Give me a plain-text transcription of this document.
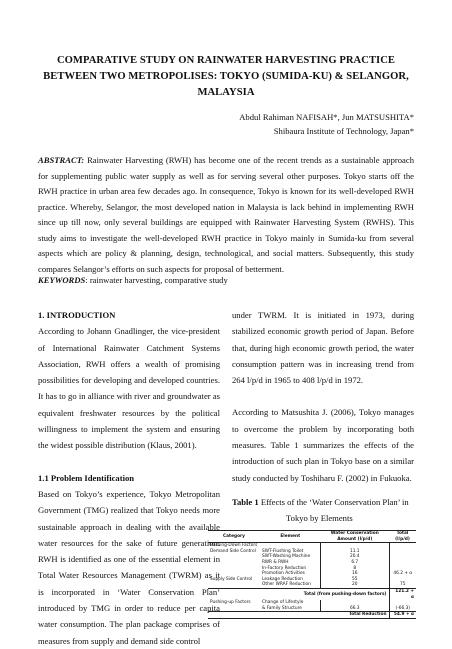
COMPARATIVE STUDY ON RAINWATER HARVESTING PRACTICE BETWEEN TWO METROPOLISES: TOKYO (SUMIDA-KU) & SELANGOR, MALAYSIA
Abdul Rahiman NAFISAH*, Jun MATSUSHITA*
Shibaura Institute of Technology, Japan*

ABSTRACT: Rainwater Harvesting (RWH) has become one of the recent trends as a sustainable approach for supplementing public water supply as well as for serving several other purposes. Tokyo starts off the RWH practice in urban area few decades ago. In consequence, Tokyo is known for its well-developed RWH practice. Whereby, Selangor, the most developed nation in Malaysia is lack behind in implementing RWH since up till now, only several buildings are equipped with Rainwater Harvesting System (RWHS). This study aims to investigate the well-developed RWH practice in Tokyo mainly in Sumida-ku from several aspects which are policy & planning, design, technological, and social matters. Subsequently, this study compares Selangor’s efforts on such aspects for proposal of betterment.

KEYWORDS: rainwater harvesting, comparative study

1. INTRODUCTION

According to Johann Gnadlinger, the vice-president of International Rainwater Catchment Systems Association, RWH offers a wealth of promising possibilities for developing and developed countries. It has to go in alliance with river and groundwater as equivalent freshwater resources by the political willingness to implement the system and ensuring the widest possible distribution (Klaus, 2001).

1.1 Problem Identification

Based on Tokyo’s experience, Tokyo Metropolitan Government (TMG) realized that Tokyo needs more sustainable approach in dealing with the available water resources for the sake of future generation. RWH is identified as one of the essential element in Total Water Resources Management (TWRM) as it is incorporated in ‘Water Conservation Plan’ introduced by TMG in order to reduce per capita water consumption. The plan package comprises of measures from supply and demand side control

under TWRM. It is initiated in 1973, during stabilized economic growth period of Japan. Before that, during high economic growth period, the water consumption pattern was in increasing trend from 264 l/p/d in 1965 to 408 l/p/d in 1972.

According to Matsushita J. (2006), Tokyo manages to overcome the problem by incorporating both measures. Table 1 summarizes the effects of the introduction of such plan in Tokyo base on a similar study conducted by Toshiharu F. (2002) in Fukuoka.

Table 1 Effects of the ‘Water Conservation Plan’ in
Tokyo by Elements

Category	Element	Water Conservation Amount (l/p/d)	Total (l/p/d)
Pushing-Down Factors			
Demand Side Control	SWT-Flushing Toilet	11.1	
	SWT-Washing Machine	20.4	
	RWR & RWH	6.7	
	In-Factory Reduction	8	
	Promotion Activities	16	46.2 + α
Supply Side Control	Leakage Reduction	55	
	Other WRAF Reduction	20	75
Total (from pushing-down factors)			121.2 + α
Pushing-up Factors	Change of Lifestyle		
	& Family Structure	66.3	(-66.3)
Total Reduction			54.9 + α
